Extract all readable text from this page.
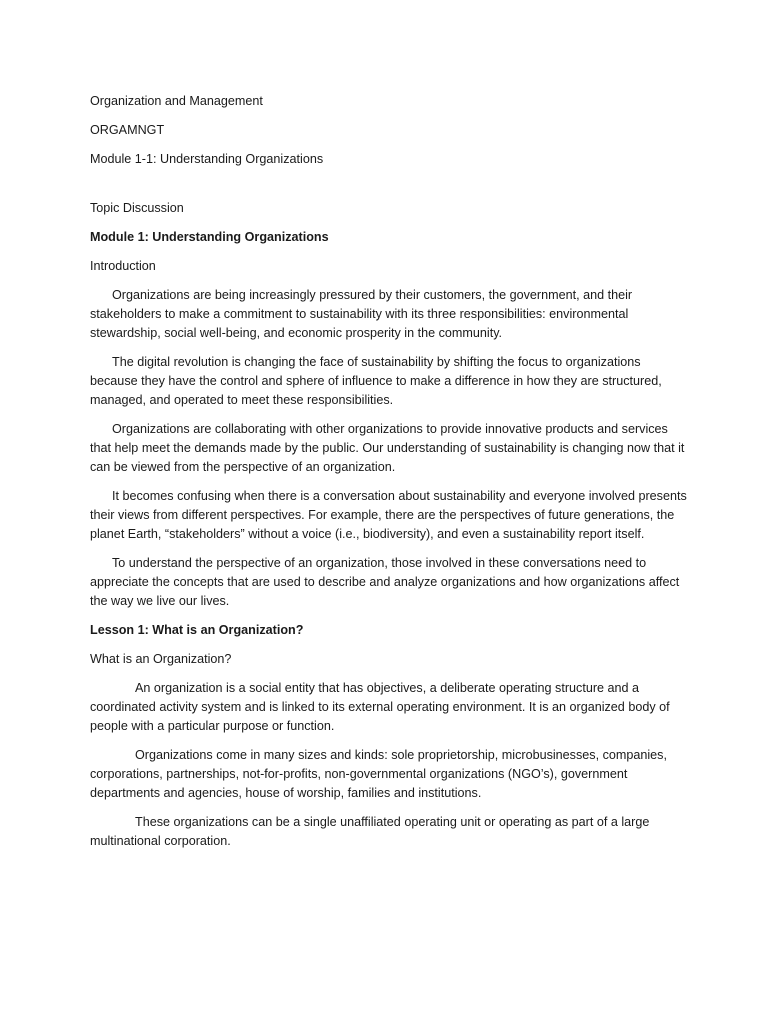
Organization and Management
ORGAMNGT
Module 1-1: Understanding Organizations
Topic Discussion
Module 1: Understanding Organizations
Introduction

Organizations are being increasingly pressured by their customers, the government, and their stakeholders to make a commitment to sustainability with its three responsibilities: environmental stewardship, social well-being, and economic prosperity in the community.

The digital revolution is changing the face of sustainability by shifting the focus to organizations because they have the control and sphere of influence to make a difference in how they are structured, managed, and operated to meet these responsibilities.

Organizations are collaborating with other organizations to provide innovative products and services that help meet the demands made by the public. Our understanding of sustainability is changing now that it can be viewed from the perspective of an organization.

It becomes confusing when there is a conversation about sustainability and everyone involved presents their views from different perspectives. For example, there are the perspectives of future generations, the planet Earth, “stakeholders” without a voice (i.e., biodiversity), and even a sustainability report itself.

To understand the perspective of an organization, those involved in these conversations need to appreciate the concepts that are used to describe and analyze organizations and how organizations affect the way we live our lives.

Lesson 1: What is an Organization?
What is an Organization?

An organization is a social entity that has objectives, a deliberate operating structure and a coordinated activity system and is linked to its external operating environment. It is an organized body of people with a particular purpose or function.

Organizations come in many sizes and kinds: sole proprietorship, microbusinesses, companies, corporations, partnerships, not-for-profits, non-governmental organizations (NGO’s), government departments and agencies, house of worship, families and institutions.

These organizations can be a single unaffiliated operating unit or operating as part of a large multinational corporation.
